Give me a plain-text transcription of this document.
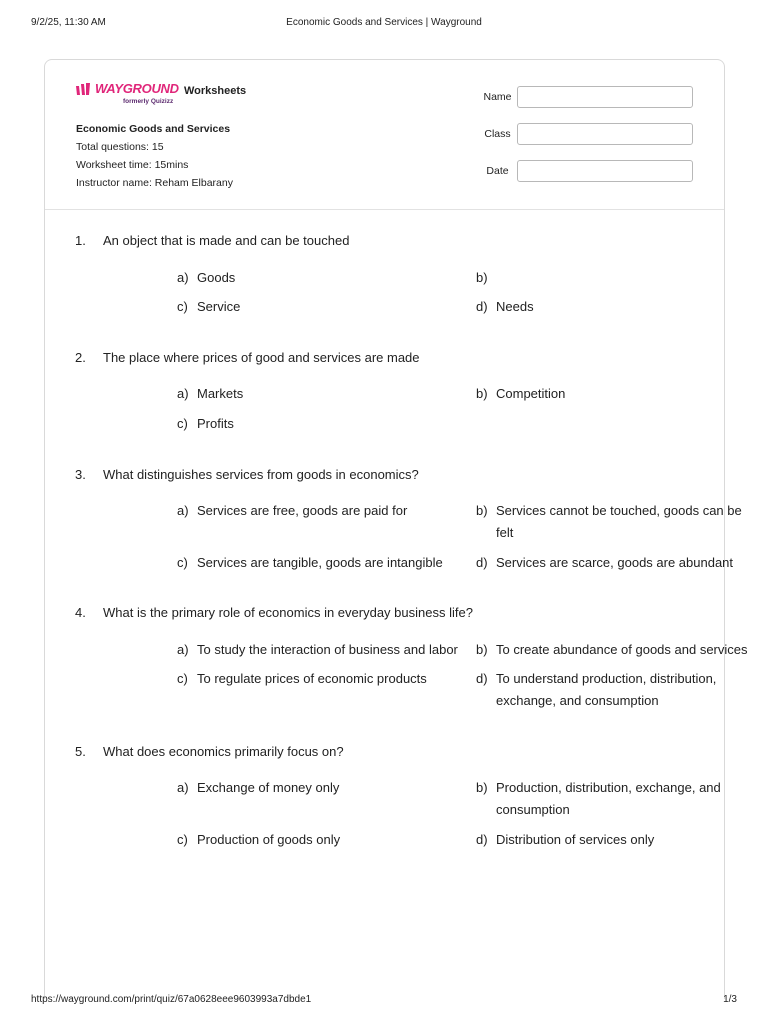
9/2/25, 11:30 AM	Economic Goods and Services | Wayground
WAYGROUND
formerly Quizizz
Worksheets
Economic Goods and Services
Total questions: 15
Worksheet time: 15mins
Instructor name: Reham Elbarany
Name
Class
Date
1. An object that is made and can be touched
a) Goods	b)
c) Service	d) Needs
2. The place where prices of good and services are made
a) Markets	b) Competition
c) Profits
3. What distinguishes services from goods in economics?
a) Services are free, goods are paid for	b) Services cannot be touched, goods can be felt
c) Services are tangible, goods are intangible	d) Services are scarce, goods are abundant
4. What is the primary role of economics in everyday business life?
a) To study the interaction of business and labor	b) To create abundance of goods and services
c) To regulate prices of economic products	d) To understand production, distribution, exchange, and consumption
5. What does economics primarily focus on?
a) Exchange of money only	b) Production, distribution, exchange, and consumption
c) Production of goods only	d) Distribution of services only
https://wayground.com/print/quiz/67a0628eee9603993a7dbde1	1/3
